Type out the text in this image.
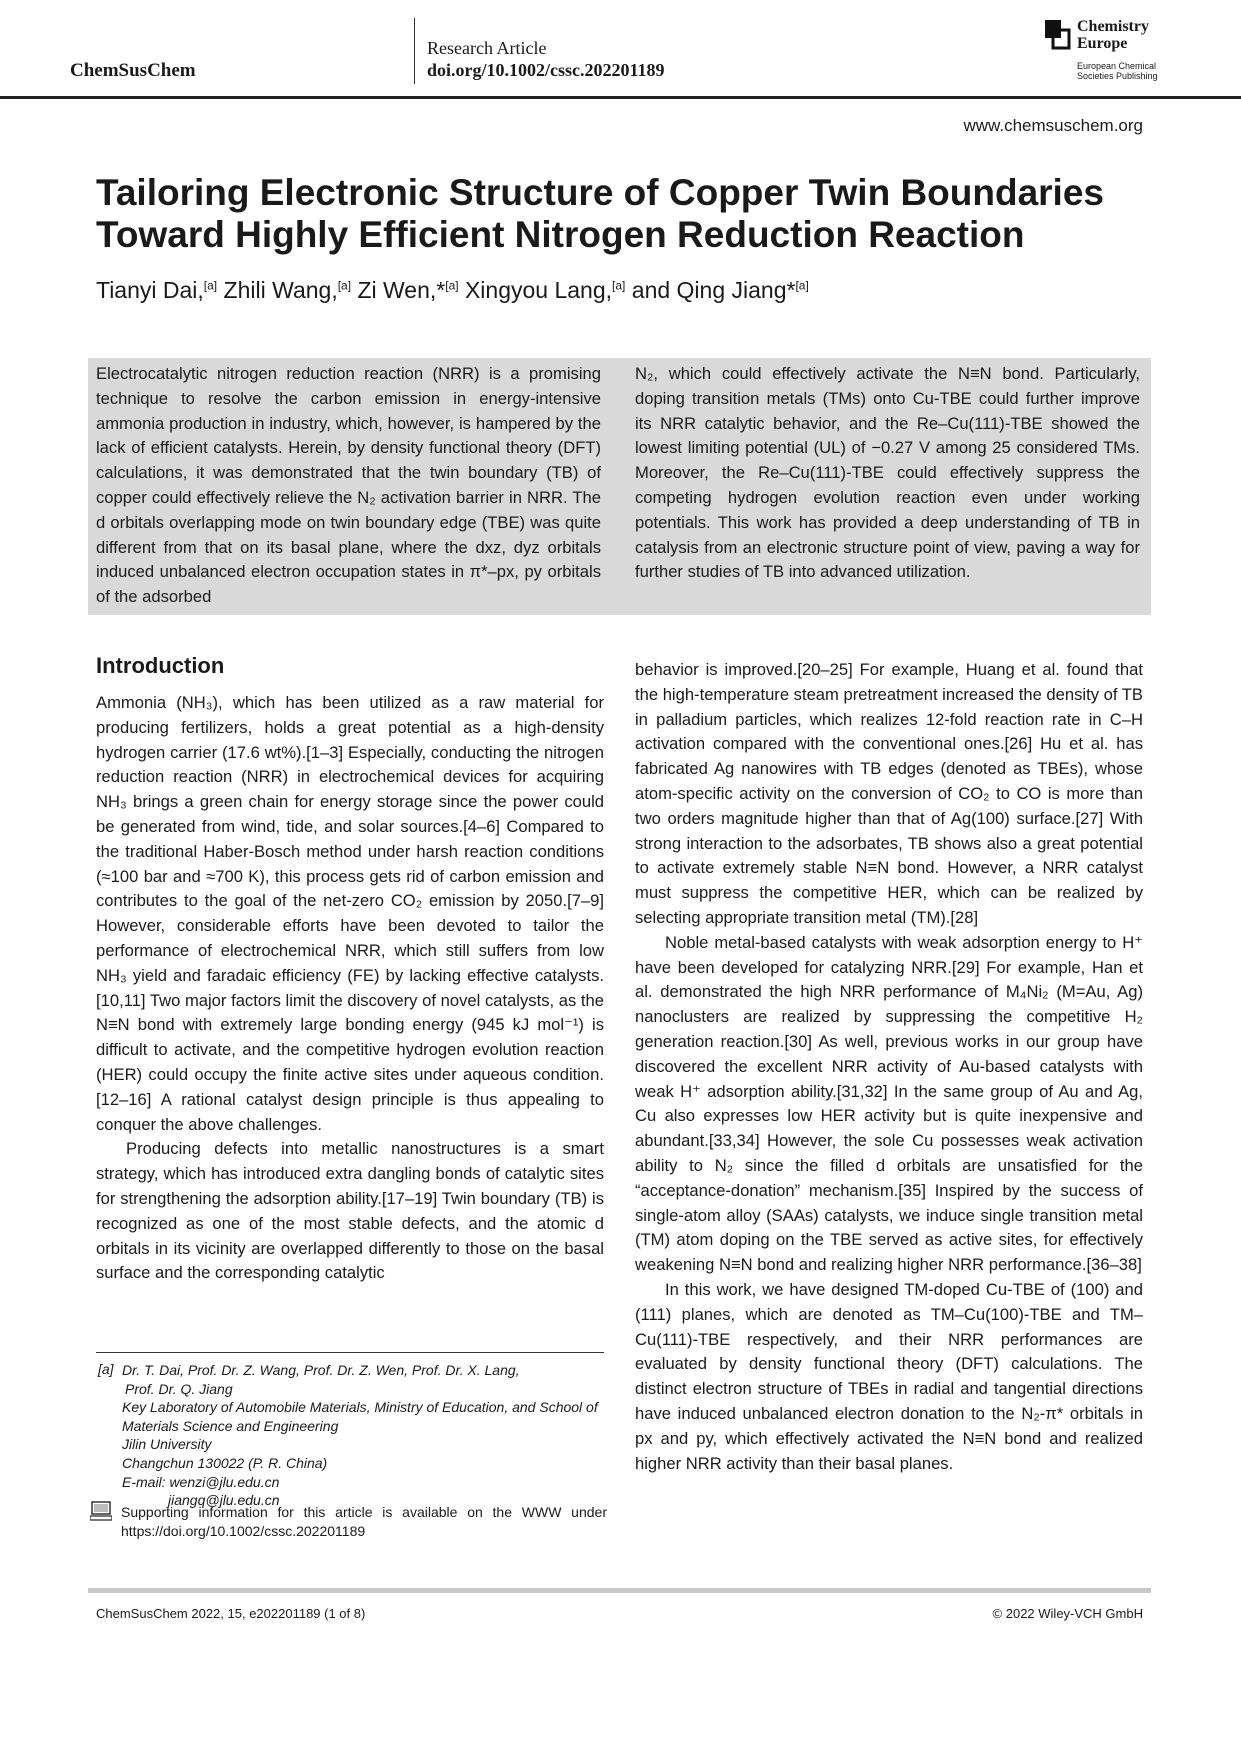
ChemSusChem
Research Article
doi.org/10.1002/cssc.202201189
Chemistry
Europe
European Chemical
Societies Publishing
www.chemsuschem.org
Tailoring Electronic Structure of Copper Twin Boundaries Toward Highly Efficient Nitrogen Reduction Reaction
Tianyi Dai,[a] Zhili Wang,[a] Zi Wen,*[a] Xingyou Lang,[a] and Qing Jiang*[a]
Electrocatalytic nitrogen reduction reaction (NRR) is a promising technique to resolve the carbon emission in energy-intensive ammonia production in industry, which, however, is hampered by the lack of efficient catalysts. Herein, by density functional theory (DFT) calculations, it was demonstrated that the twin boundary (TB) of copper could effectively relieve the N₂ activation barrier in NRR. The d orbitals overlapping mode on twin boundary edge (TBE) was quite different from that on its basal plane, where the dxz, dyz orbitals induced unbalanced electron occupation states in π*–px, py orbitals of the adsorbed
N₂, which could effectively activate the N≡N bond. Particularly, doping transition metals (TMs) onto Cu-TBE could further improve its NRR catalytic behavior, and the Re–Cu(111)-TBE showed the lowest limiting potential (UL) of −0.27 V among 25 considered TMs. Moreover, the Re–Cu(111)-TBE could effectively suppress the competing hydrogen evolution reaction even under working potentials. This work has provided a deep understanding of TB in catalysis from an electronic structure point of view, paving a way for further studies of TB into advanced utilization.
Introduction

Ammonia (NH₃), which has been utilized as a raw material for producing fertilizers, holds a great potential as a high-density hydrogen carrier (17.6 wt%).[1–3] Especially, conducting the nitrogen reduction reaction (NRR) in electrochemical devices for acquiring NH₃ brings a green chain for energy storage since the power could be generated from wind, tide, and solar sources.[4–6] Compared to the traditional Haber-Bosch method under harsh reaction conditions (≈100 bar and ≈700 K), this process gets rid of carbon emission and contributes to the goal of the net-zero CO₂ emission by 2050.[7–9] However, considerable efforts have been devoted to tailor the performance of electrochemical NRR, which still suffers from low NH₃ yield and faradaic efficiency (FE) by lacking effective catalysts.[10,11] Two major factors limit the discovery of novel catalysts, as the N≡N bond with extremely large bonding energy (945 kJ mol⁻¹) is difficult to activate, and the competitive hydrogen evolution reaction (HER) could occupy the finite active sites under aqueous condition.[12–16] A rational catalyst design principle is thus appealing to conquer the above challenges.

Producing defects into metallic nanostructures is a smart strategy, which has introduced extra dangling bonds of catalytic sites for strengthening the adsorption ability.[17–19] Twin boundary (TB) is recognized as one of the most stable defects, and the atomic d orbitals in its vicinity are overlapped differently to those on the basal surface and the corresponding catalytic

behavior is improved.[20–25] For example, Huang et al. found that the high-temperature steam pretreatment increased the density of TB in palladium particles, which realizes 12-fold reaction rate in C–H activation compared with the conventional ones.[26] Hu et al. has fabricated Ag nanowires with TB edges (denoted as TBEs), whose atom-specific activity on the conversion of CO₂ to CO is more than two orders magnitude higher than that of Ag(100) surface.[27] With strong interaction to the adsorbates, TB shows also a great potential to activate extremely stable N≡N bond. However, a NRR catalyst must suppress the competitive HER, which can be realized by selecting appropriate transition metal (TM).[28]

Noble metal-based catalysts with weak adsorption energy to H⁺ have been developed for catalyzing NRR.[29] For example, Han et al. demonstrated the high NRR performance of M₄Ni₂ (M=Au, Ag) nanoclusters are realized by suppressing the competitive H₂ generation reaction.[30] As well, previous works in our group have discovered the excellent NRR activity of Au-based catalysts with weak H⁺ adsorption ability.[31,32] In the same group of Au and Ag, Cu also expresses low HER activity but is quite inexpensive and abundant.[33,34] However, the sole Cu possesses weak activation ability to N₂ since the filled d orbitals are unsatisfied for the “acceptance-donation” mechanism.[35] Inspired by the success of single-atom alloy (SAAs) catalysts, we induce single transition metal (TM) atom doping on the TBE served as active sites, for effectively weakening N≡N bond and realizing higher NRR performance.[36–38]

In this work, we have designed TM-doped Cu-TBE of (100) and (111) planes, which are denoted as TM–Cu(100)-TBE and TM–Cu(111)-TBE respectively, and their NRR performances are evaluated by density functional theory (DFT) calculations. The distinct electron structure of TBEs in radial and tangential directions have induced unbalanced electron donation to the N₂-π* orbitals in px and py, which effectively activated the N≡N bond and realized higher NRR activity than their basal planes.

[a] Dr. T. Dai, Prof. Dr. Z. Wang, Prof. Dr. Z. Wen, Prof. Dr. X. Lang,
Prof. Dr. Q. Jiang
Key Laboratory of Automobile Materials, Ministry of Education, and School of Materials Science and Engineering
Jilin University
Changchun 130022 (P. R. China)
E-mail: wenzi@jlu.edu.cn
jiangq@jlu.edu.cn
Supporting information for this article is available on the WWW under https://doi.org/10.1002/cssc.202201189
ChemSusChem 2022, 15, e202201189 (1 of 8)	© 2022 Wiley-VCH GmbH
